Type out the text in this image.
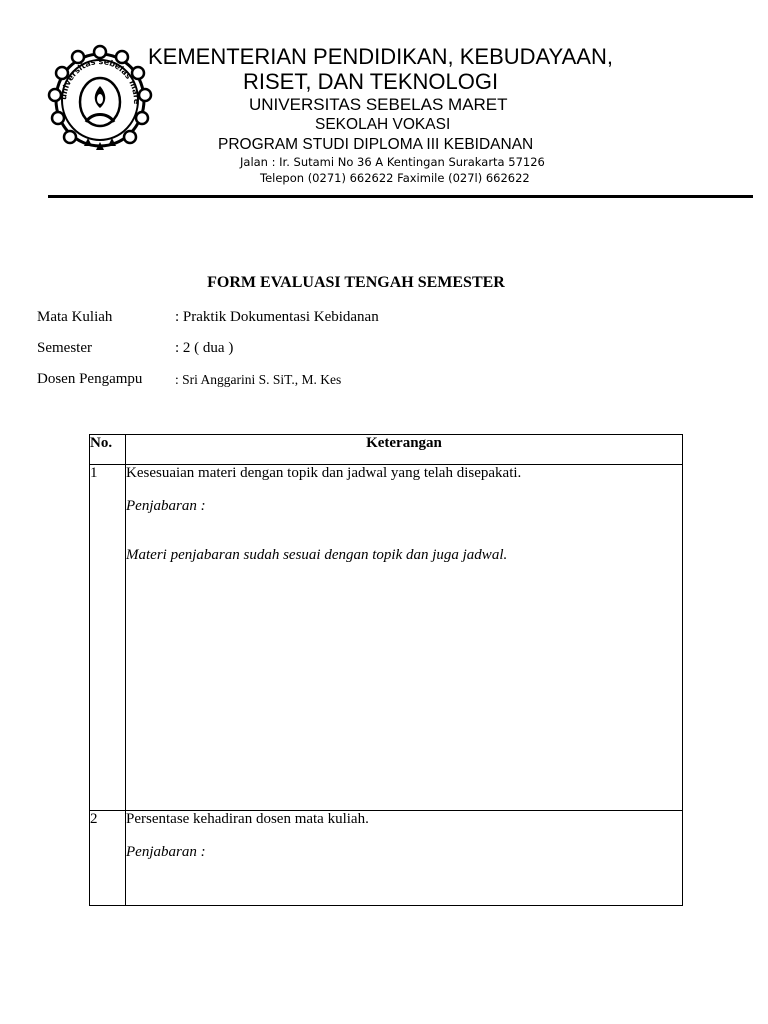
universitas sebelas mare
KEMENTERIAN PENDIDIKAN, KEBUDAYAAN,
RISET, DAN TEKNOLOGI
UNIVERSITAS SEBELAS MARET
SEKOLAH VOKASI
PROGRAM STUDI DIPLOMA III KEBIDANAN
Jalan : Ir. Sutami No 36 A Kentingan Surakarta 57126
Telepon (0271) 662622 Faximile (027l) 662622
FORM EVALUASI TENGAH SEMESTER
Mata Kuliah	: Praktik Dokumentasi Kebidanan
Semester	: 2 ( dua )
Dosen Pengampu : Sri Anggarini S. SiT., M. Kes
No.	Keterangan
1	Kesesuaian materi dengan topik dan jadwal yang telah disepakati.

Penjabaran :

Materi penjabaran sudah sesuai dengan topik dan juga jadwal.

2	Persentase kehadiran dosen mata kuliah.

Penjabaran :
